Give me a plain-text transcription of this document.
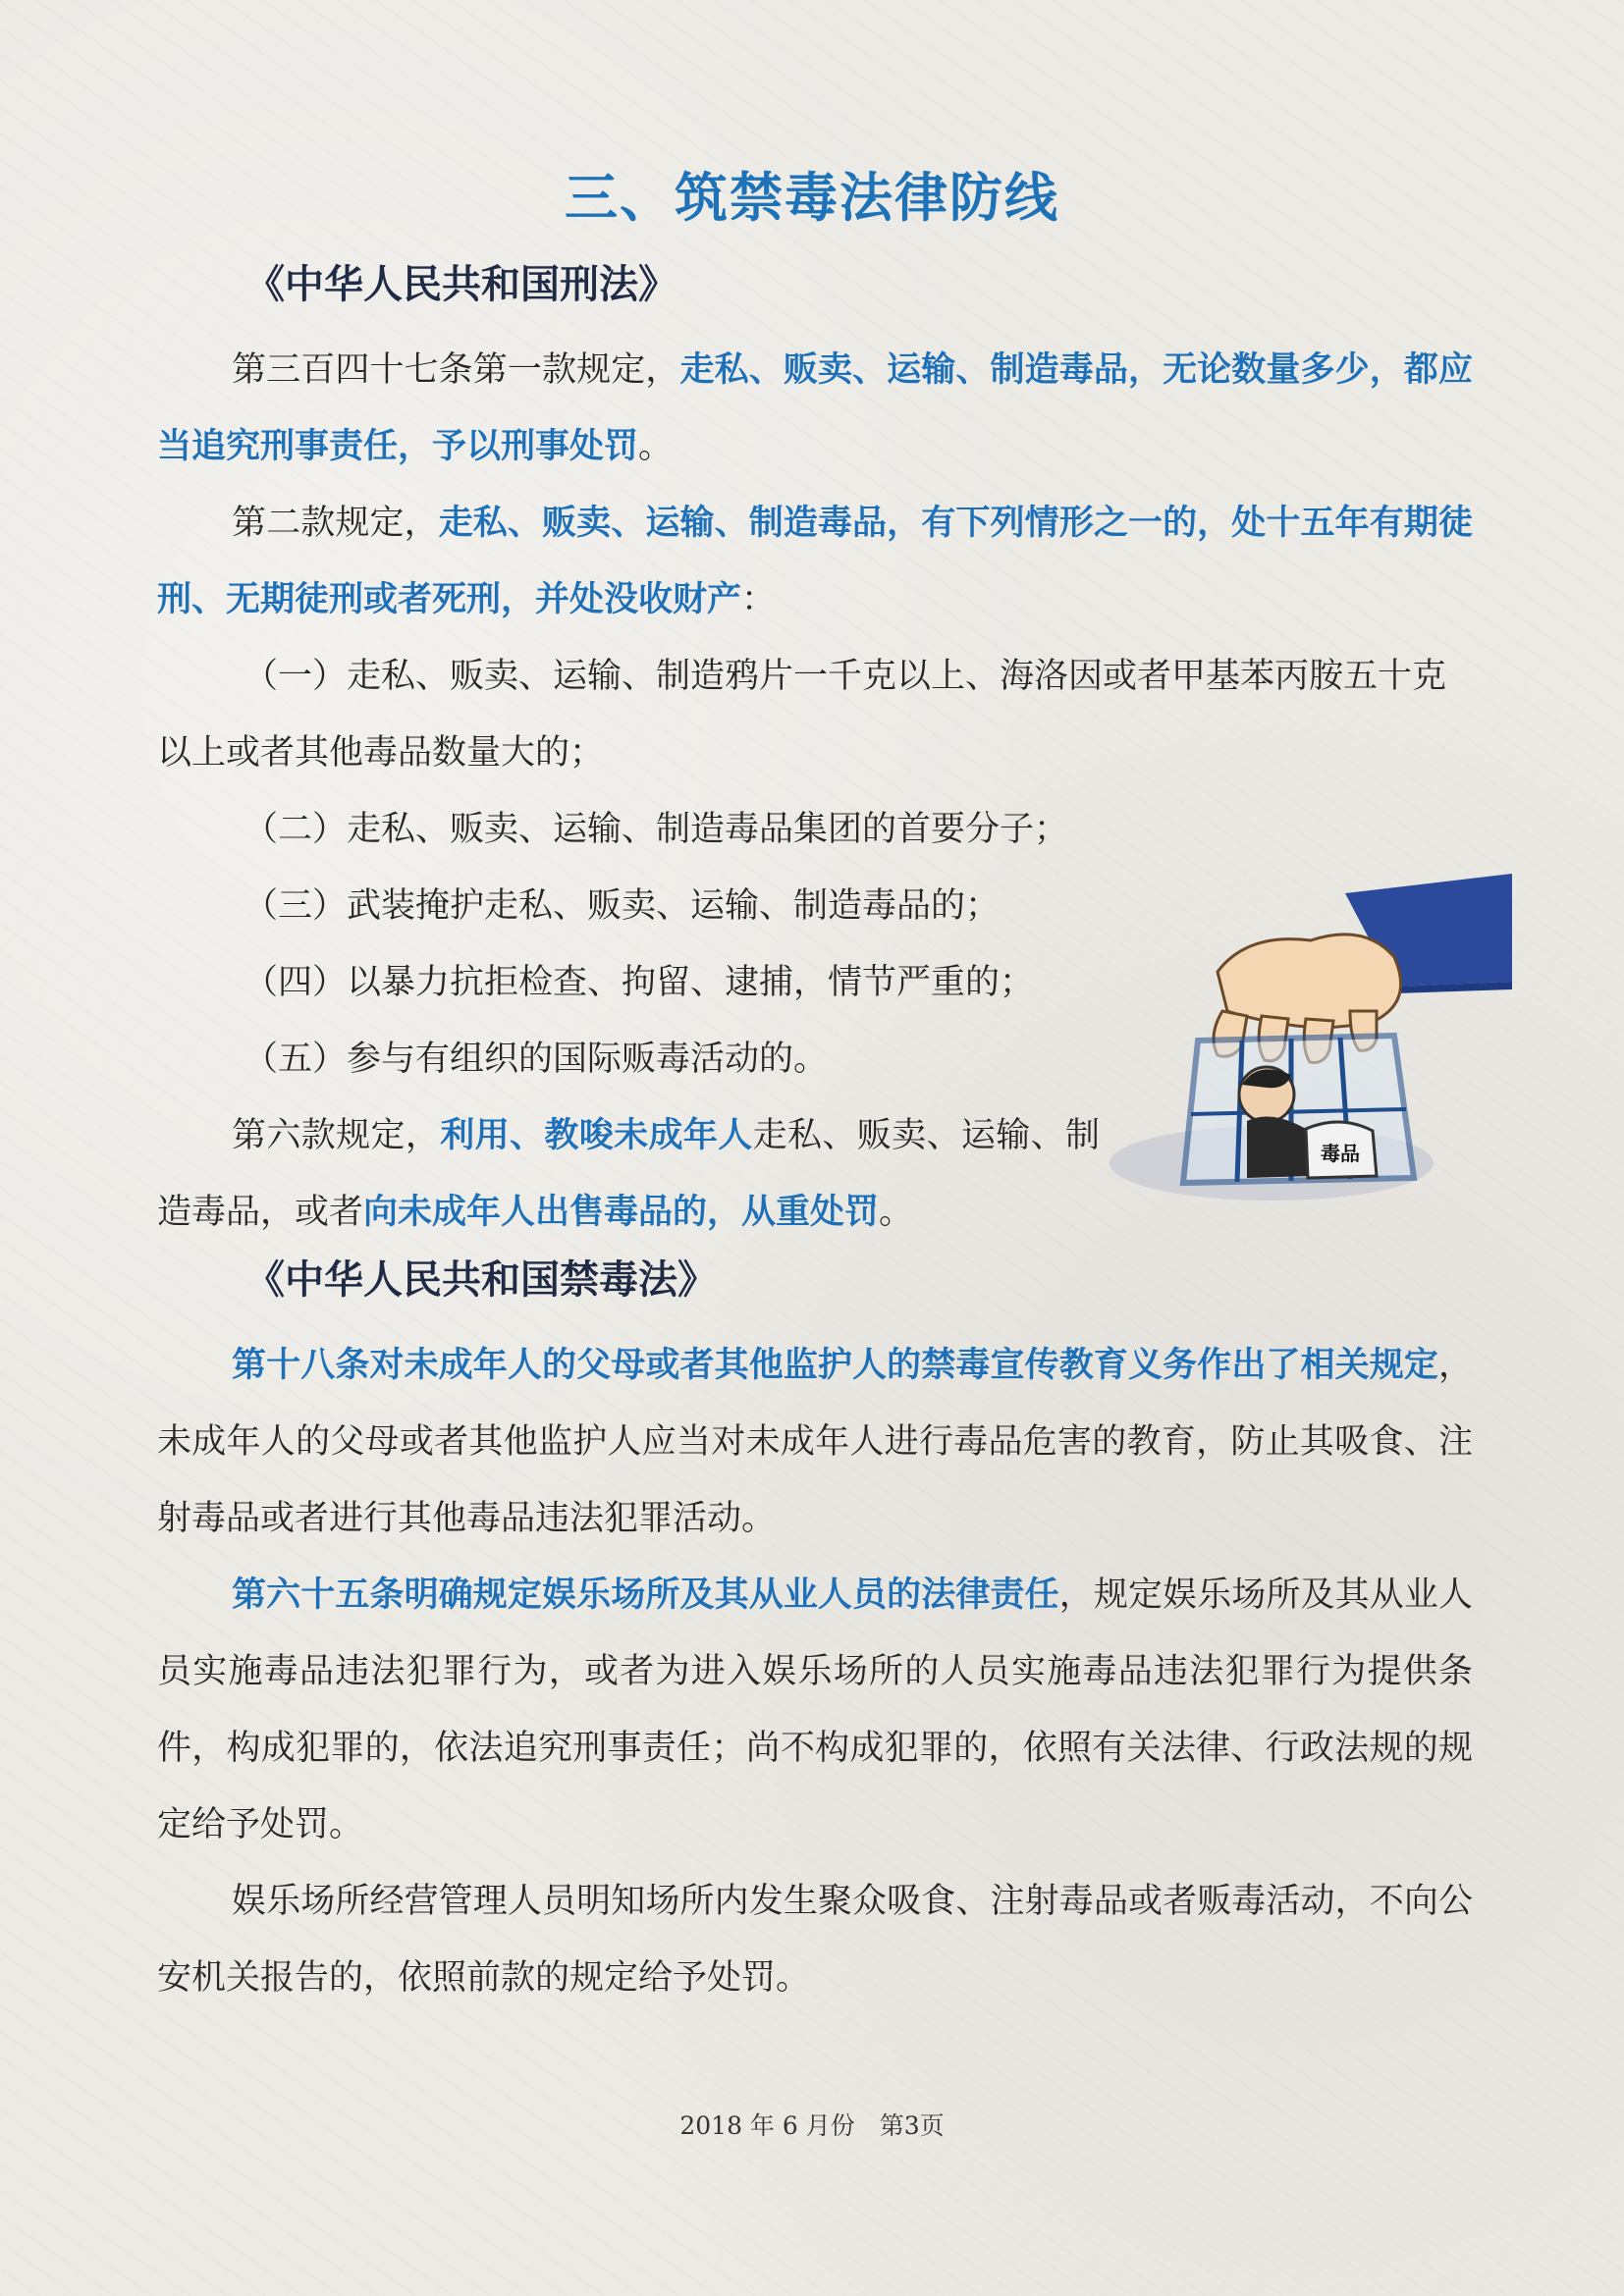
三、筑禁毒法律防线
《中华人民共和国刑法》

第三百四十七条第一款规定，走私、贩卖、运输、制造毒品，无论数量多少，都应当追究刑事责任，予以刑事处罚。

第二款规定，走私、贩卖、运输、制造毒品，有下列情形之一的，处十五年有期徒刑、无期徒刑或者死刑，并处没收财产：

（一）走私、贩卖、运输、制造鸦片一千克以上、海洛因或者甲基苯丙胺五十克以上或者其他毒品数量大的；

（二）走私、贩卖、运输、制造毒品集团的首要分子；

（三）武装掩护走私、贩卖、运输、制造毒品的；

（四）以暴力抗拒检查、拘留、逮捕，情节严重的；

（五）参与有组织的国际贩毒活动的。

第六款规定，利用、教唆未成年人走私、贩卖、运输、制造毒品，或者向未成年人出售毒品的，从重处罚。

《中华人民共和国禁毒法》

第十八条对未成年人的父母或者其他监护人的禁毒宣传教育义务作出了相关规定，未成年人的父母或者其他监护人应当对未成年人进行毒品危害的教育，防止其吸食、注射毒品或者进行其他毒品违法犯罪活动。

第六十五条明确规定娱乐场所及其从业人员的法律责任，规定娱乐场所及其从业人员实施毒品违法犯罪行为，或者为进入娱乐场所的人员实施毒品违法犯罪行为提供条件，构成犯罪的，依法追究刑事责任；尚不构成犯罪的，依照有关法律、行政法规的规定给予处罚。

娱乐场所经营管理人员明知场所内发生聚众吸食、注射毒品或者贩毒活动，不向公安机关报告的，依照前款的规定给予处罚。

毒品

2018 年 6 月份　第3页
